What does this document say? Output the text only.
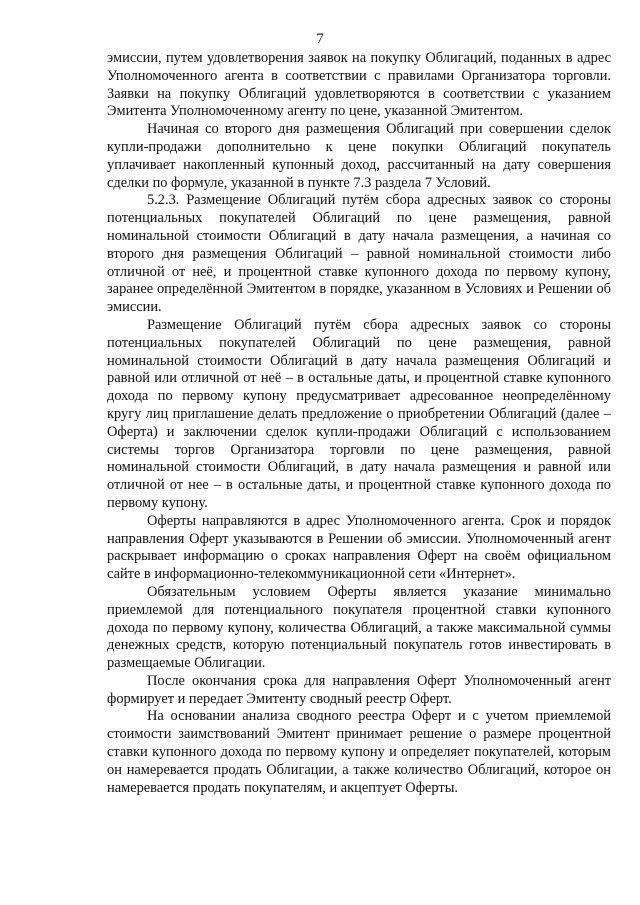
7

эмиссии, путем удовлетворения заявок на покупку Облигаций, поданных в адрес Уполномоченного агента в соответствии с правилами Организатора торговли. Заявки на покупку Облигаций удовлетворяются в соответствии с указанием Эмитента Уполномоченному агенту по цене, указанной Эмитентом.

Начиная со второго дня размещения Облигаций при совершении сделок купли-продажи дополнительно к цене покупки Облигаций покупатель уплачивает накопленный купонный доход, рассчитанный на дату совершения сделки по формуле, указанной в пункте 7.3 раздела 7 Условий.

5.2.3. Размещение Облигаций путём сбора адресных заявок со стороны потенциальных покупателей Облигаций по цене размещения, равной номинальной стоимости Облигаций в дату начала размещения, а начиная со второго дня размещения Облигаций – равной номинальной стоимости либо отличной от неё, и процентной ставке купонного дохода по первому купону, заранее определённой Эмитентом в порядке, указанном в Условиях и Решении об эмиссии.

Размещение Облигаций путём сбора адресных заявок со стороны потенциальных покупателей Облигаций по цене размещения, равной номинальной стоимости Облигаций в дату начала размещения Облигаций и равной или отличной от неё – в остальные даты, и процентной ставке купонного дохода по первому купону предусматривает адресованное неопределённому кругу лиц приглашение делать предложение о приобретении Облигаций (далее – Оферта) и заключении сделок купли-продажи Облигаций с использованием системы торгов Организатора торговли по цене размещения, равной номинальной стоимости Облигаций, в дату начала размещения и равной или отличной от нее – в остальные даты, и процентной ставке купонного дохода по первому купону.

Оферты направляются в адрес Уполномоченного агента. Срок и порядок направления Оферт указываются в Решении об эмиссии. Уполномоченный агент раскрывает информацию о сроках направления Оферт на своём официальном сайте в информационно-телекоммуникационной сети «Интернет».

Обязательным условием Оферты является указание минимально приемлемой для потенциального покупателя процентной ставки купонного дохода по первому купону, количества Облигаций, а также максимальной суммы денежных средств, которую потенциальный покупатель готов инвестировать в размещаемые Облигации.

После окончания срока для направления Оферт Уполномоченный агент формирует и передает Эмитенту сводный реестр Оферт.

На основании анализа сводного реестра Оферт и с учетом приемлемой стоимости заимствований Эмитент принимает решение о размере процентной ставки купонного дохода по первому купону и определяет покупателей, которым он намеревается продать Облигации, а также количество Облигаций, которое он намеревается продать покупателям, и акцептует Оферты.
